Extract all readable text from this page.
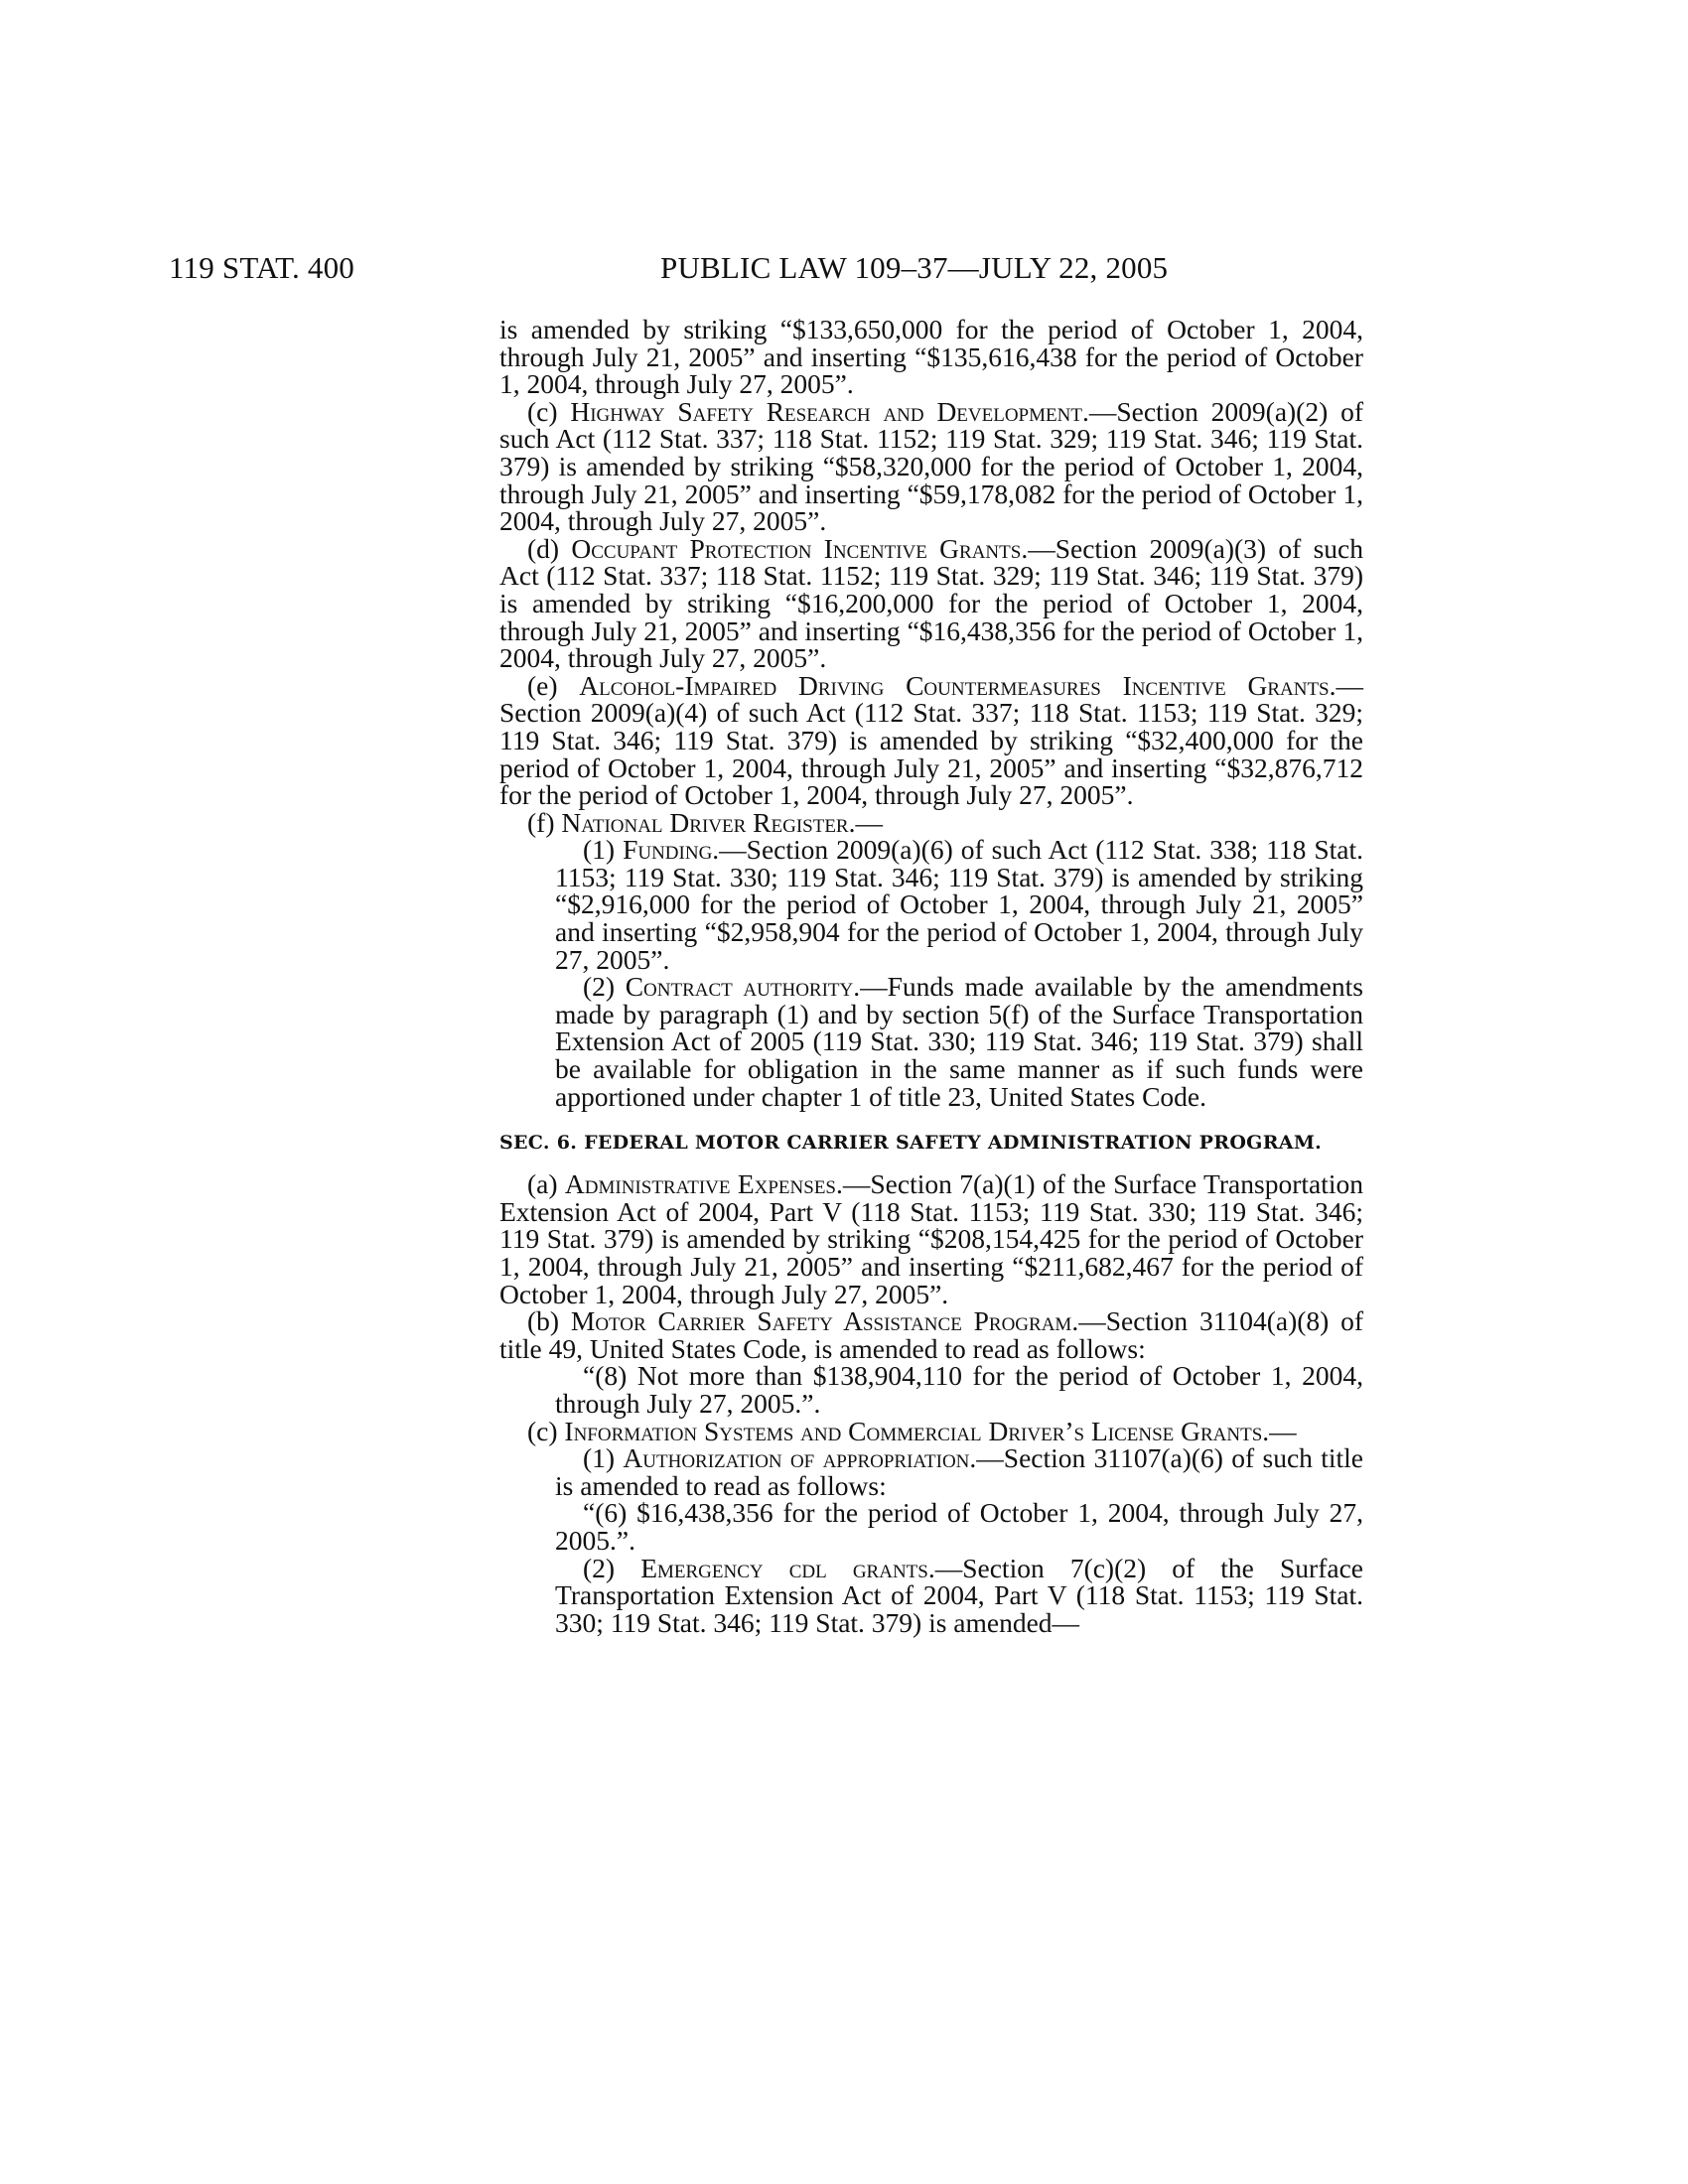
119 STAT. 400	PUBLIC LAW 109–37—JULY 22, 2005

is amended by striking “$133,650,000 for the period of October 1, 2004, through July 21, 2005” and inserting “$135,616,438 for the period of October 1, 2004, through July 27, 2005”.

(c) Highway Safety Research and Development.—Section 2009(a)(2) of such Act (112 Stat. 337; 118 Stat. 1152; 119 Stat. 329; 119 Stat. 346; 119 Stat. 379) is amended by striking “$58,320,000 for the period of October 1, 2004, through July 21, 2005” and inserting “$59,178,082 for the period of October 1, 2004, through July 27, 2005”.

(d) Occupant Protection Incentive Grants.—Section 2009(a)(3) of such Act (112 Stat. 337; 118 Stat. 1152; 119 Stat. 329; 119 Stat. 346; 119 Stat. 379) is amended by striking “$16,200,000 for the period of October 1, 2004, through July 21, 2005” and inserting “$16,438,356 for the period of October 1, 2004, through July 27, 2005”.

(e) Alcohol-Impaired Driving Countermeasures Incentive Grants.—Section 2009(a)(4) of such Act (112 Stat. 337; 118 Stat. 1153; 119 Stat. 329; 119 Stat. 346; 119 Stat. 379) is amended by striking “$32,400,000 for the period of October 1, 2004, through July 21, 2005” and inserting “$32,876,712 for the period of October 1, 2004, through July 27, 2005”.

(f) National Driver Register.—

(1) Funding.—Section 2009(a)(6) of such Act (112 Stat. 338; 118 Stat. 1153; 119 Stat. 330; 119 Stat. 346; 119 Stat. 379) is amended by striking “$2,916,000 for the period of October 1, 2004, through July 21, 2005” and inserting “$2,958,904 for the period of October 1, 2004, through July 27, 2005”.

(2) Contract authority.—Funds made available by the amendments made by paragraph (1) and by section 5(f) of the Surface Transportation Extension Act of 2005 (119 Stat. 330; 119 Stat. 346; 119 Stat. 379) shall be available for obligation in the same manner as if such funds were apportioned under chapter 1 of title 23, United States Code.

SEC. 6. FEDERAL MOTOR CARRIER SAFETY ADMINISTRATION PROGRAM.

(a) Administrative Expenses.—Section 7(a)(1) of the Surface Transportation Extension Act of 2004, Part V (118 Stat. 1153; 119 Stat. 330; 119 Stat. 346; 119 Stat. 379) is amended by striking “$208,154,425 for the period of October 1, 2004, through July 21, 2005” and inserting “$211,682,467 for the period of October 1, 2004, through July 27, 2005”.

(b) Motor Carrier Safety Assistance Program.—Section 31104(a)(8) of title 49, United States Code, is amended to read as follows:

“(8) Not more than $138,904,110 for the period of October 1, 2004, through July 27, 2005.”.

(c) Information Systems and Commercial Driver’s License Grants.—

(1) Authorization of appropriation.—Section 31107(a)(6) of such title is amended to read as follows:

“(6) $16,438,356 for the period of October 1, 2004, through July 27, 2005.”.

(2) Emergency cdl grants.—Section 7(c)(2) of the Surface Transportation Extension Act of 2004, Part V (118 Stat. 1153; 119 Stat. 330; 119 Stat. 346; 119 Stat. 379) is amended—
